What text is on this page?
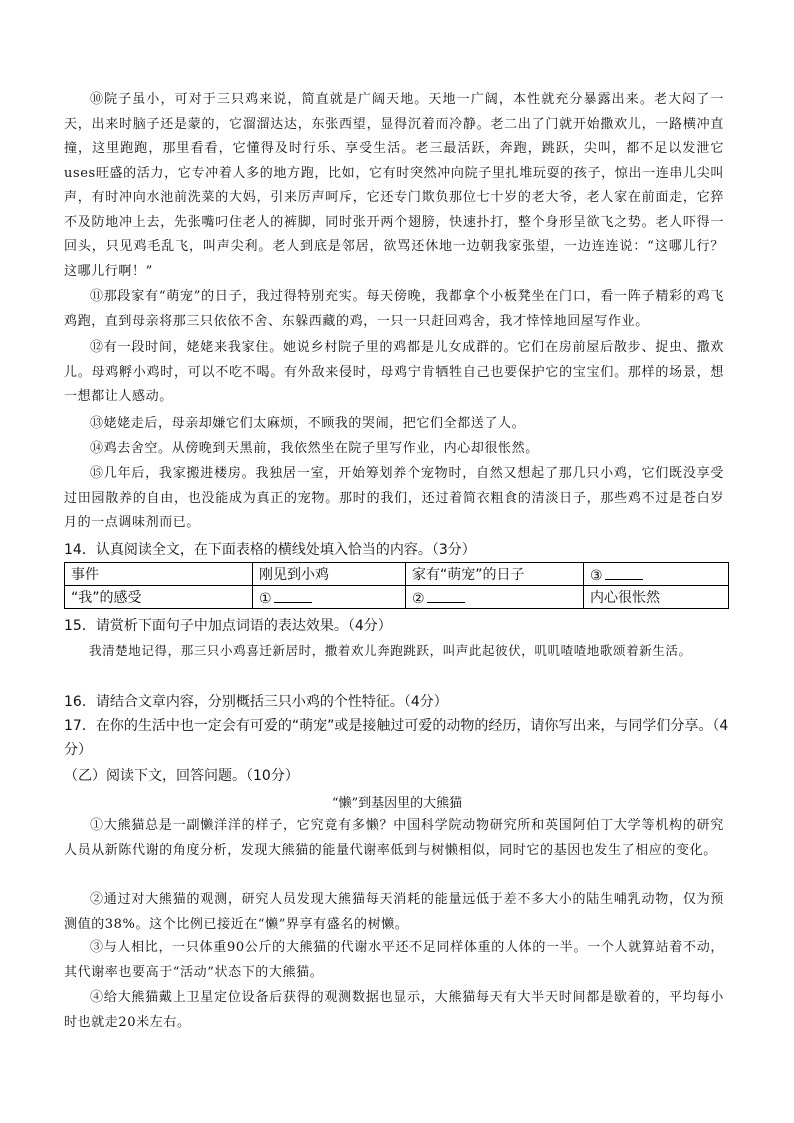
⑩院子虽小，可对于三只鸡来说，简直就是广阔天地。天地一广阔，本性就充分暴露出来。老大闷了一天，出来时脑子还是蒙的，它溜溜达达，东张西望，显得沉着而冷静。老二出了门就开始撒欢儿，一路横冲直撞，这里跑跑，那里看看，它懂得及时行乐、享受生活。老三最活跃，奔跑，跳跃，尖叫，都不足以发泄它uses旺盛的活力，它专冲着人多的地方跑，比如，它有时突然冲向院子里扎堆玩耍的孩子，惊出一连串儿尖叫声，有时冲向水池前洗菜的大妈，引来厉声呵斥，它还专门欺负那位七十岁的老大爷，老人家在前面走，它猝不及防地冲上去，先张嘴叼住老人的裤脚，同时张开两个翅膀，快速扑打，整个身形呈欲飞之势。老人吓得一回头，只见鸡毛乱飞，叫声尖利。老人到底是邻居，欲骂还休地一边朝我家张望，一边连连说：“这哪儿行？这哪儿行啊！”

⑪那段家有“萌宠”的日子，我过得特别充实。每天傍晚，我都拿个小板凳坐在门口，看一阵子精彩的鸡飞鸡跑，直到母亲将那三只依依不舍、东躲西藏的鸡，一只一只赶回鸡舍，我才悻悻地回屋写作业。

⑫有一段时间，姥姥来我家住。她说乡村院子里的鸡都是儿女成群的。它们在房前屋后散步、捉虫、撒欢儿。母鸡孵小鸡时，可以不吃不喝。有外敌来侵时，母鸡宁肯牺牲自己也要保护它的宝宝们。那样的场景，想一想都让人感动。

⑬姥姥走后，母亲却嫌它们太麻烦，不顾我的哭闹，把它们全都送了人。

⑭鸡去舍空。从傍晚到天黑前，我依然坐在院子里写作业，内心却很怅然。

⑮几年后，我家搬进楼房。我独居一室，开始筹划养个宠物时，自然又想起了那几只小鸡，它们既没享受过田园散养的自由，也没能成为真正的宠物。那时的我们，还过着简衣粗食的清淡日子，那些鸡不过是苍白岁月的一点调味剂而已。

14．认真阅读全文，在下面表格的横线处填入恰当的内容。（3分）

事件	刚见到小鸡	家有“萌宠”的日子	③
“我”的感受	①	②	内心很怅然

15．请赏析下面句子中加点词语的表达效果。（4分）

我清楚地记得，那三只小鸡喜迁新居时，撒着欢儿奔跑跳跃，叫声此起彼伏，叽叽喳喳地歌颂着新生活。

16．请结合文章内容，分别概括三只小鸡的个性特征。（4分）

17．在你的生活中也一定会有可爱的“萌宠”或是接触过可爱的动物的经历，请你写出来，与同学们分享。（4分）

（乙）阅读下文，回答问题。（10分）

“懒”到基因里的大熊猫

①大熊猫总是一副懒洋洋的样子，它究竟有多懒？中国科学院动物研究所和英国阿伯丁大学等机构的研究人员从新陈代谢的角度分析，发现大熊猫的能量代谢率低到与树懒相似，同时它的基因也发生了相应的变化。

②通过对大熊猫的观测，研究人员发现大熊猫每天消耗的能量远低于差不多大小的陆生哺乳动物，仅为预测值的38%。这个比例已接近在“懒”界享有盛名的树懒。

③与人相比，一只体重90公斤的大熊猫的代谢水平还不足同样体重的人体的一半。一个人就算站着不动，其代谢率也要高于“活动”状态下的大熊猫。

④给大熊猫戴上卫星定位设备后获得的观测数据也显示，大熊猫每天有大半天时间都是歇着的，平均每小时也就走20米左右。
